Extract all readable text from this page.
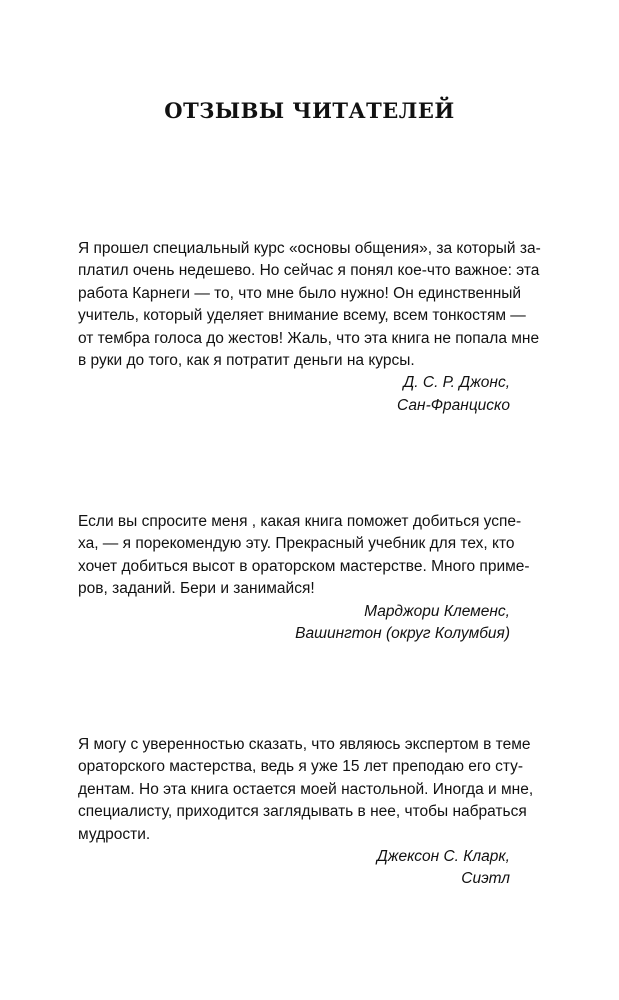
ОТЗЫВЫ ЧИТАТЕЛЕЙ

Я прошел специальный курс «основы общения», за который за-
платил очень недешево. Но сейчас я понял кое-что важное: эта
работа Карнеги — то, что мне было нужно! Он единственный
учитель, который уделяет внимание всему, всем тонкостям —
от тембра голоса до жестов! Жаль, что эта книга не попала мне
в руки до того, как я потратит деньги на курсы.

Д. С. Р. Джонс,
Сан-Франциско

Если вы спросите меня , какая книга поможет добиться успе-
ха, — я порекомендую эту. Прекрасный учебник для тех, кто
хочет добиться высот в ораторском мастерстве. Много приме-
ров, заданий. Бери и занимайся!

Марджори Клеменс,
Вашингтон (округ Колумбия)

Я могу с уверенностью сказать, что являюсь экспертом в теме
ораторского мастерства, ведь я уже 15 лет преподаю его сту-
дентам. Но эта книга остается моей настольной. Иногда и мне,
специалисту, приходится заглядывать в нее, чтобы набраться
мудрости.

Джексон С. Кларк,
Сиэтл
